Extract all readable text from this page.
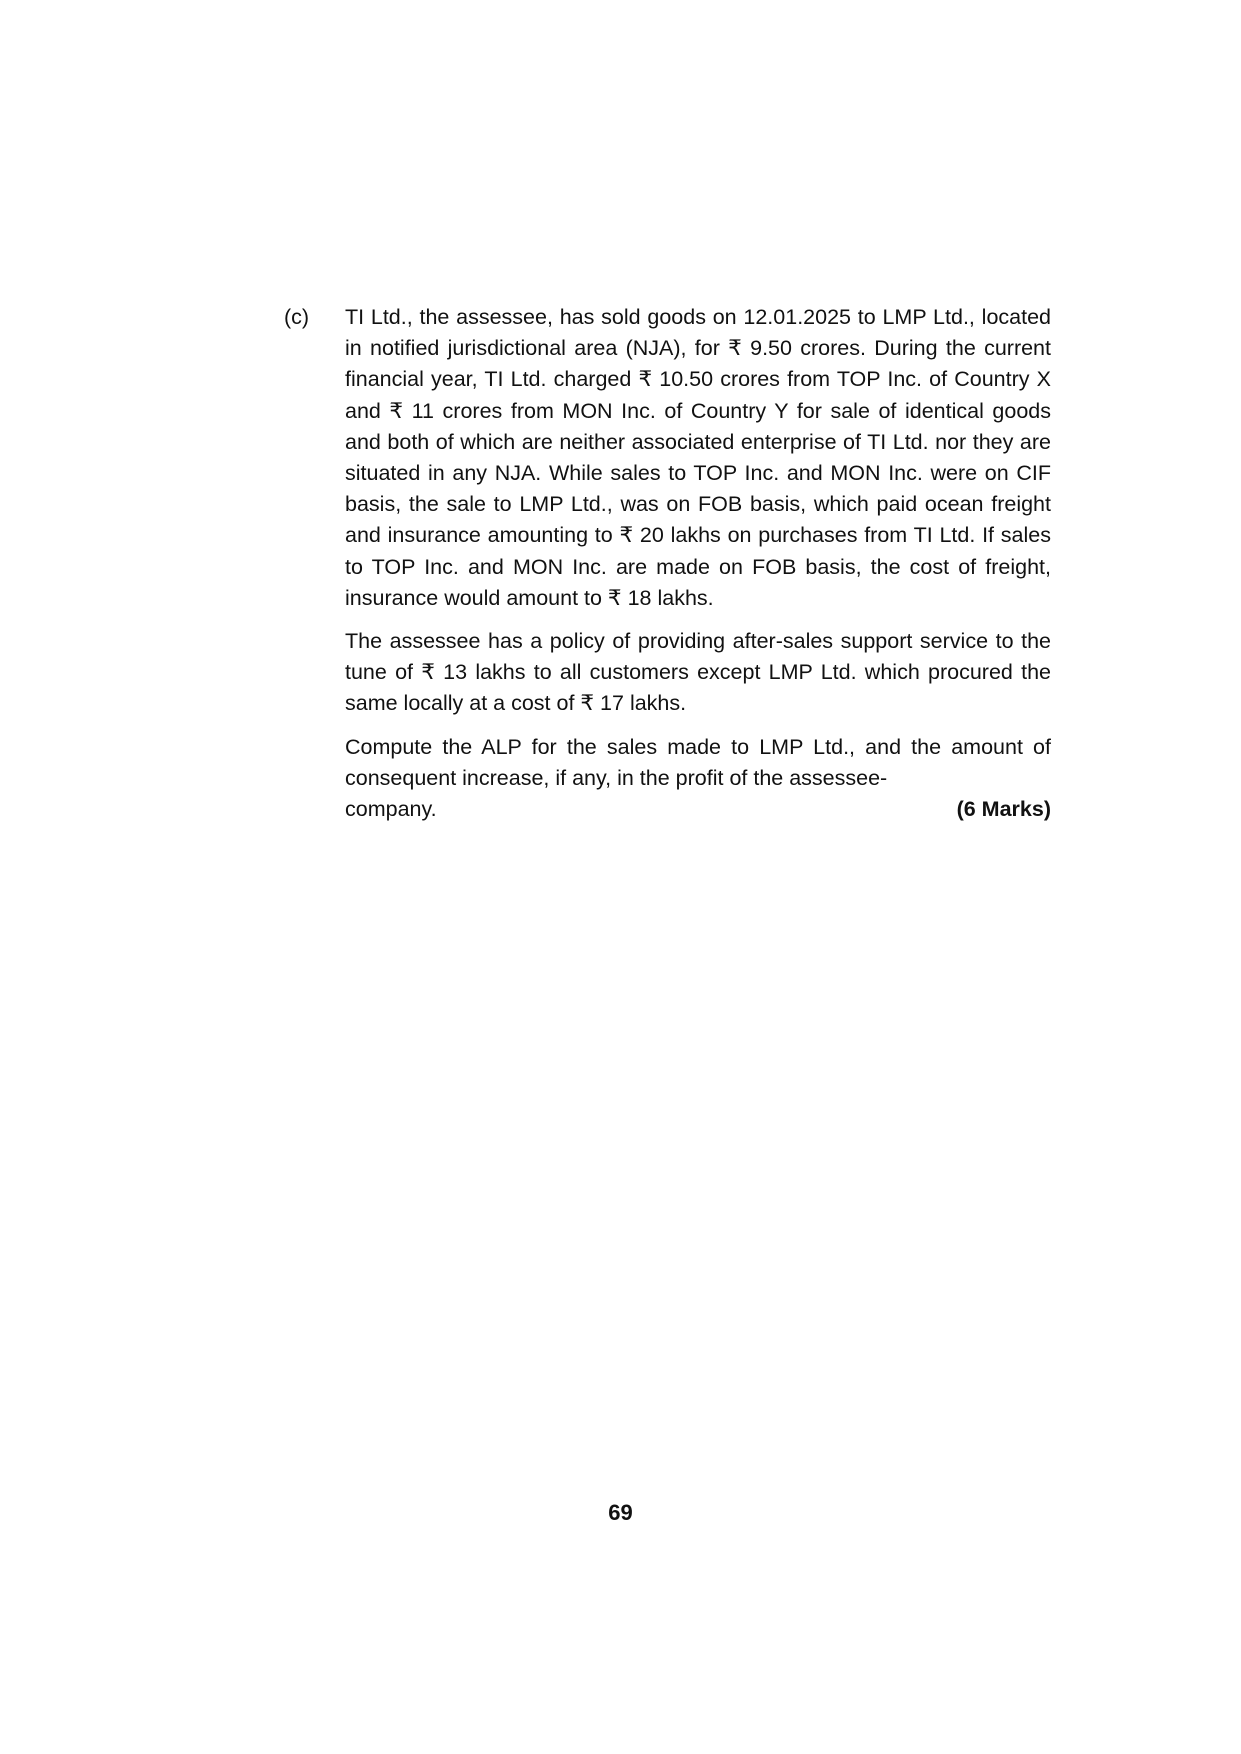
(c) TI Ltd., the assessee, has sold goods on 12.01.2025 to LMP Ltd., located in notified jurisdictional area (NJA), for ₹ 9.50 crores. During the current financial year, TI Ltd. charged ₹ 10.50 crores from TOP Inc. of Country X and ₹ 11 crores from MON Inc. of Country Y for sale of identical goods and both of which are neither associated enterprise of TI Ltd. nor they are situated in any NJA. While sales to TOP Inc. and MON Inc. were on CIF basis, the sale to LMP Ltd., was on FOB basis, which paid ocean freight and insurance amounting to ₹ 20 lakhs on purchases from TI Ltd. If sales to TOP Inc. and MON Inc. are made on FOB basis, the cost of freight, insurance would amount to ₹ 18 lakhs.

The assessee has a policy of providing after-sales support service to the tune of ₹ 13 lakhs to all customers except LMP Ltd. which procured the same locally at a cost of ₹ 17 lakhs.

Compute the ALP for the sales made to LMP Ltd., and the amount of consequent increase, if any, in the profit of the assessee-

company.	(6 Marks)
69
